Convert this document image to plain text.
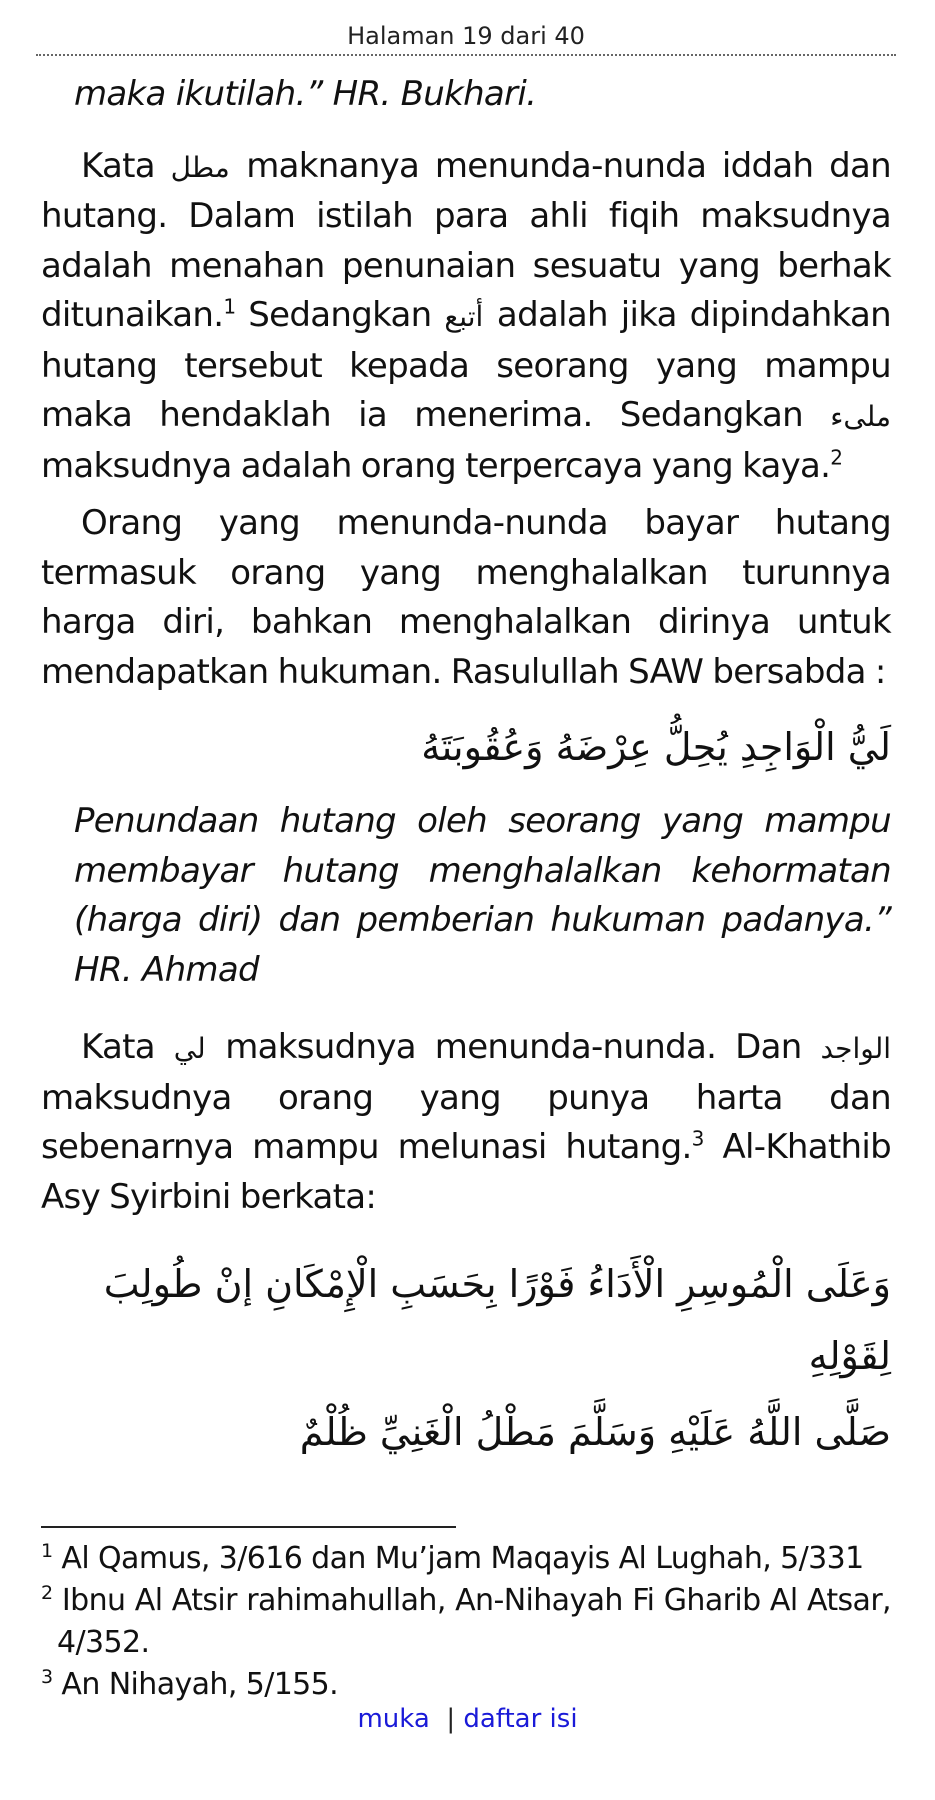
Halaman 19 dari 40

maka ikutilah.” HR. Bukhari.

Kata مطل maknanya menunda-nunda iddah dan hutang. Dalam istilah para ahli fiqih maksudnya adalah menahan penunaian sesuatu yang berhak ditunaikan.$^1$ Sedangkan أتبع adalah jika dipindahkan hutang tersebut kepada seorang yang mampu maka hendaklah ia menerima. Sedangkan ملىء maksudnya adalah orang terpercaya yang kaya.$^2$

Orang yang menunda-nunda bayar hutang termasuk orang yang menghalalkan turunnya harga diri, bahkan menghalalkan dirinya untuk mendapatkan hukuman. Rasulullah SAW bersabda :

لَيُّ الْوَاجِدِ يُحِلُّ عِرْضَهُ وَعُقُوبَتَهُ

Penundaan hutang oleh seorang yang mampu membayar hutang menghalalkan kehormatan (harga diri) dan pemberian hukuman padanya.” HR. Ahmad

Kata لي maksudnya menunda-nunda. Dan الواجد maksudnya orang yang punya harta dan sebenarnya mampu melunasi hutang.$^3$ Al-Khathib Asy Syirbini berkata:

وَعَلَى الْمُوسِرِ الْأَدَاءُ فَوْرًا بِحَسَبِ الْإِمْكَانِ إنْ طُولِبَ لِقَوْلِهِ

صَلَّى اللَّهُ عَلَيْهِ وَسَلَّمَ مَطْلُ الْغَنِيِّ ظُلْمٌ

$^1$ Al Qamus, 3/616 dan Mu’jam Maqayis Al Lughah, 5/331

$^2$ Ibnu Al Atsir rahimahullah, An-Nihayah Fi Gharib Al Atsar, 4/352.

$^3$ An Nihayah, 5/155.

muka | daftar isi
